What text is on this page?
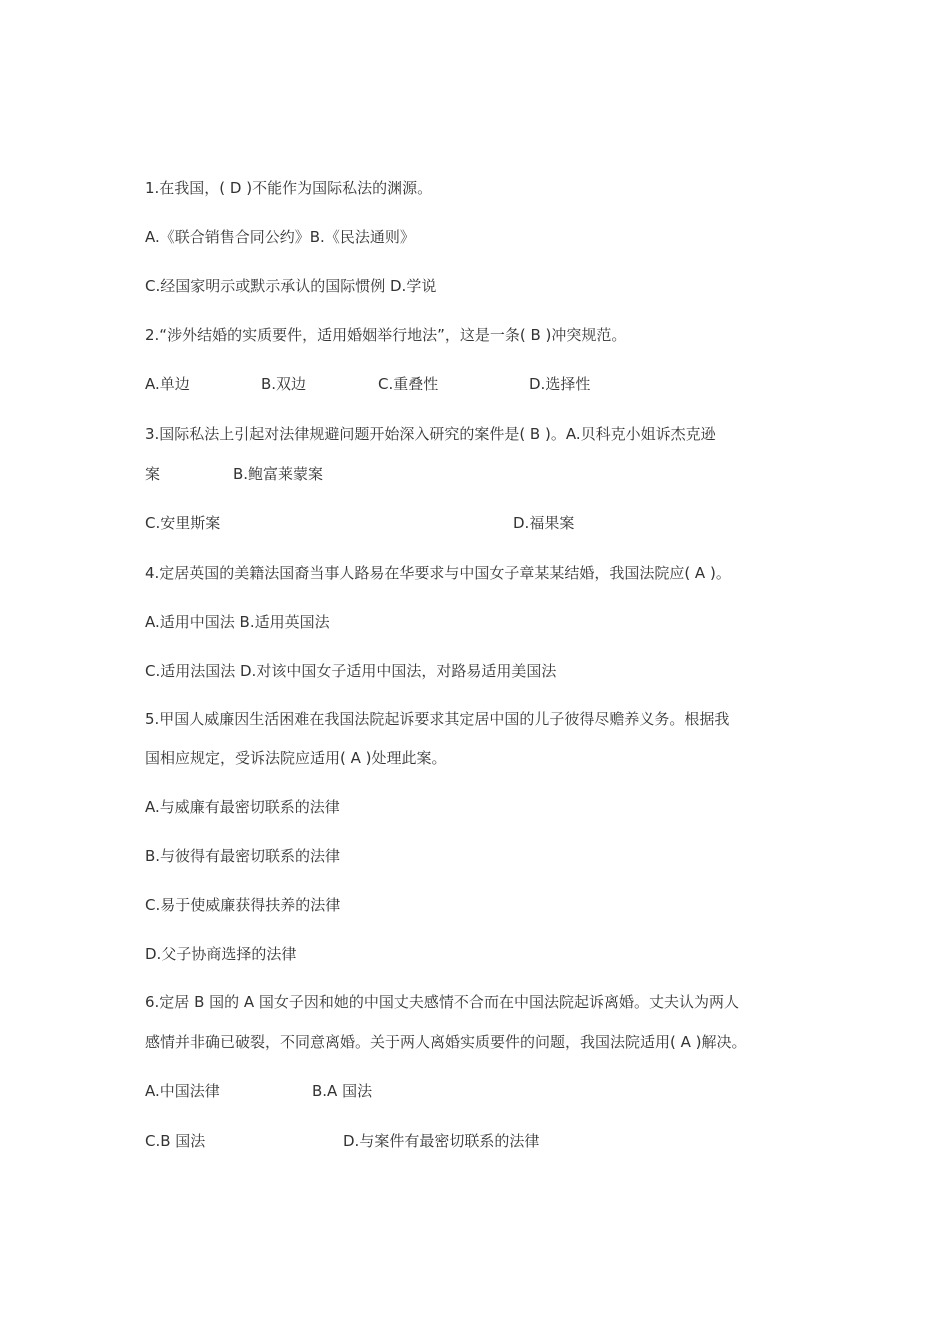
1.在我国，( D )不能作为国际私法的渊源。
A.《联合销售合同公约》B.《民法通则》
C.经国家明示或默示承认的国际惯例 D.学说
2.“涉外结婚的实质要件，适用婚姻举行地法”，这是一条( B )冲突规范。
A.单边	B.双边	C.重叠性	D.选择性
3.国际私法上引起对法律规避问题开始深入研究的案件是( B )。A.贝科克小姐诉杰克逊
案	B.鲍富莱蒙案
C.安里斯案	D.福果案
4.定居英国的美籍法国裔当事人路易在华要求与中国女子章某某结婚，我国法院应( A )。
A.适用中国法 B.适用英国法
C.适用法国法 D.对该中国女子适用中国法，对路易适用美国法
5.甲国人威廉因生活困难在我国法院起诉要求其定居中国的儿子彼得尽赡养义务。根据我
国相应规定，受诉法院应适用( A )处理此案。
A.与威廉有最密切联系的法律
B.与彼得有最密切联系的法律
C.易于使威廉获得扶养的法律
D.父子协商选择的法律
6.定居 B 国的 A 国女子因和她的中国丈夫感情不合而在中国法院起诉离婚。丈夫认为两人
感情并非确已破裂，不同意离婚。关于两人离婚实质要件的问题，我国法院适用( A )解决。
A.中国法律	B.A 国法
C.B 国法	D.与案件有最密切联系的法律
